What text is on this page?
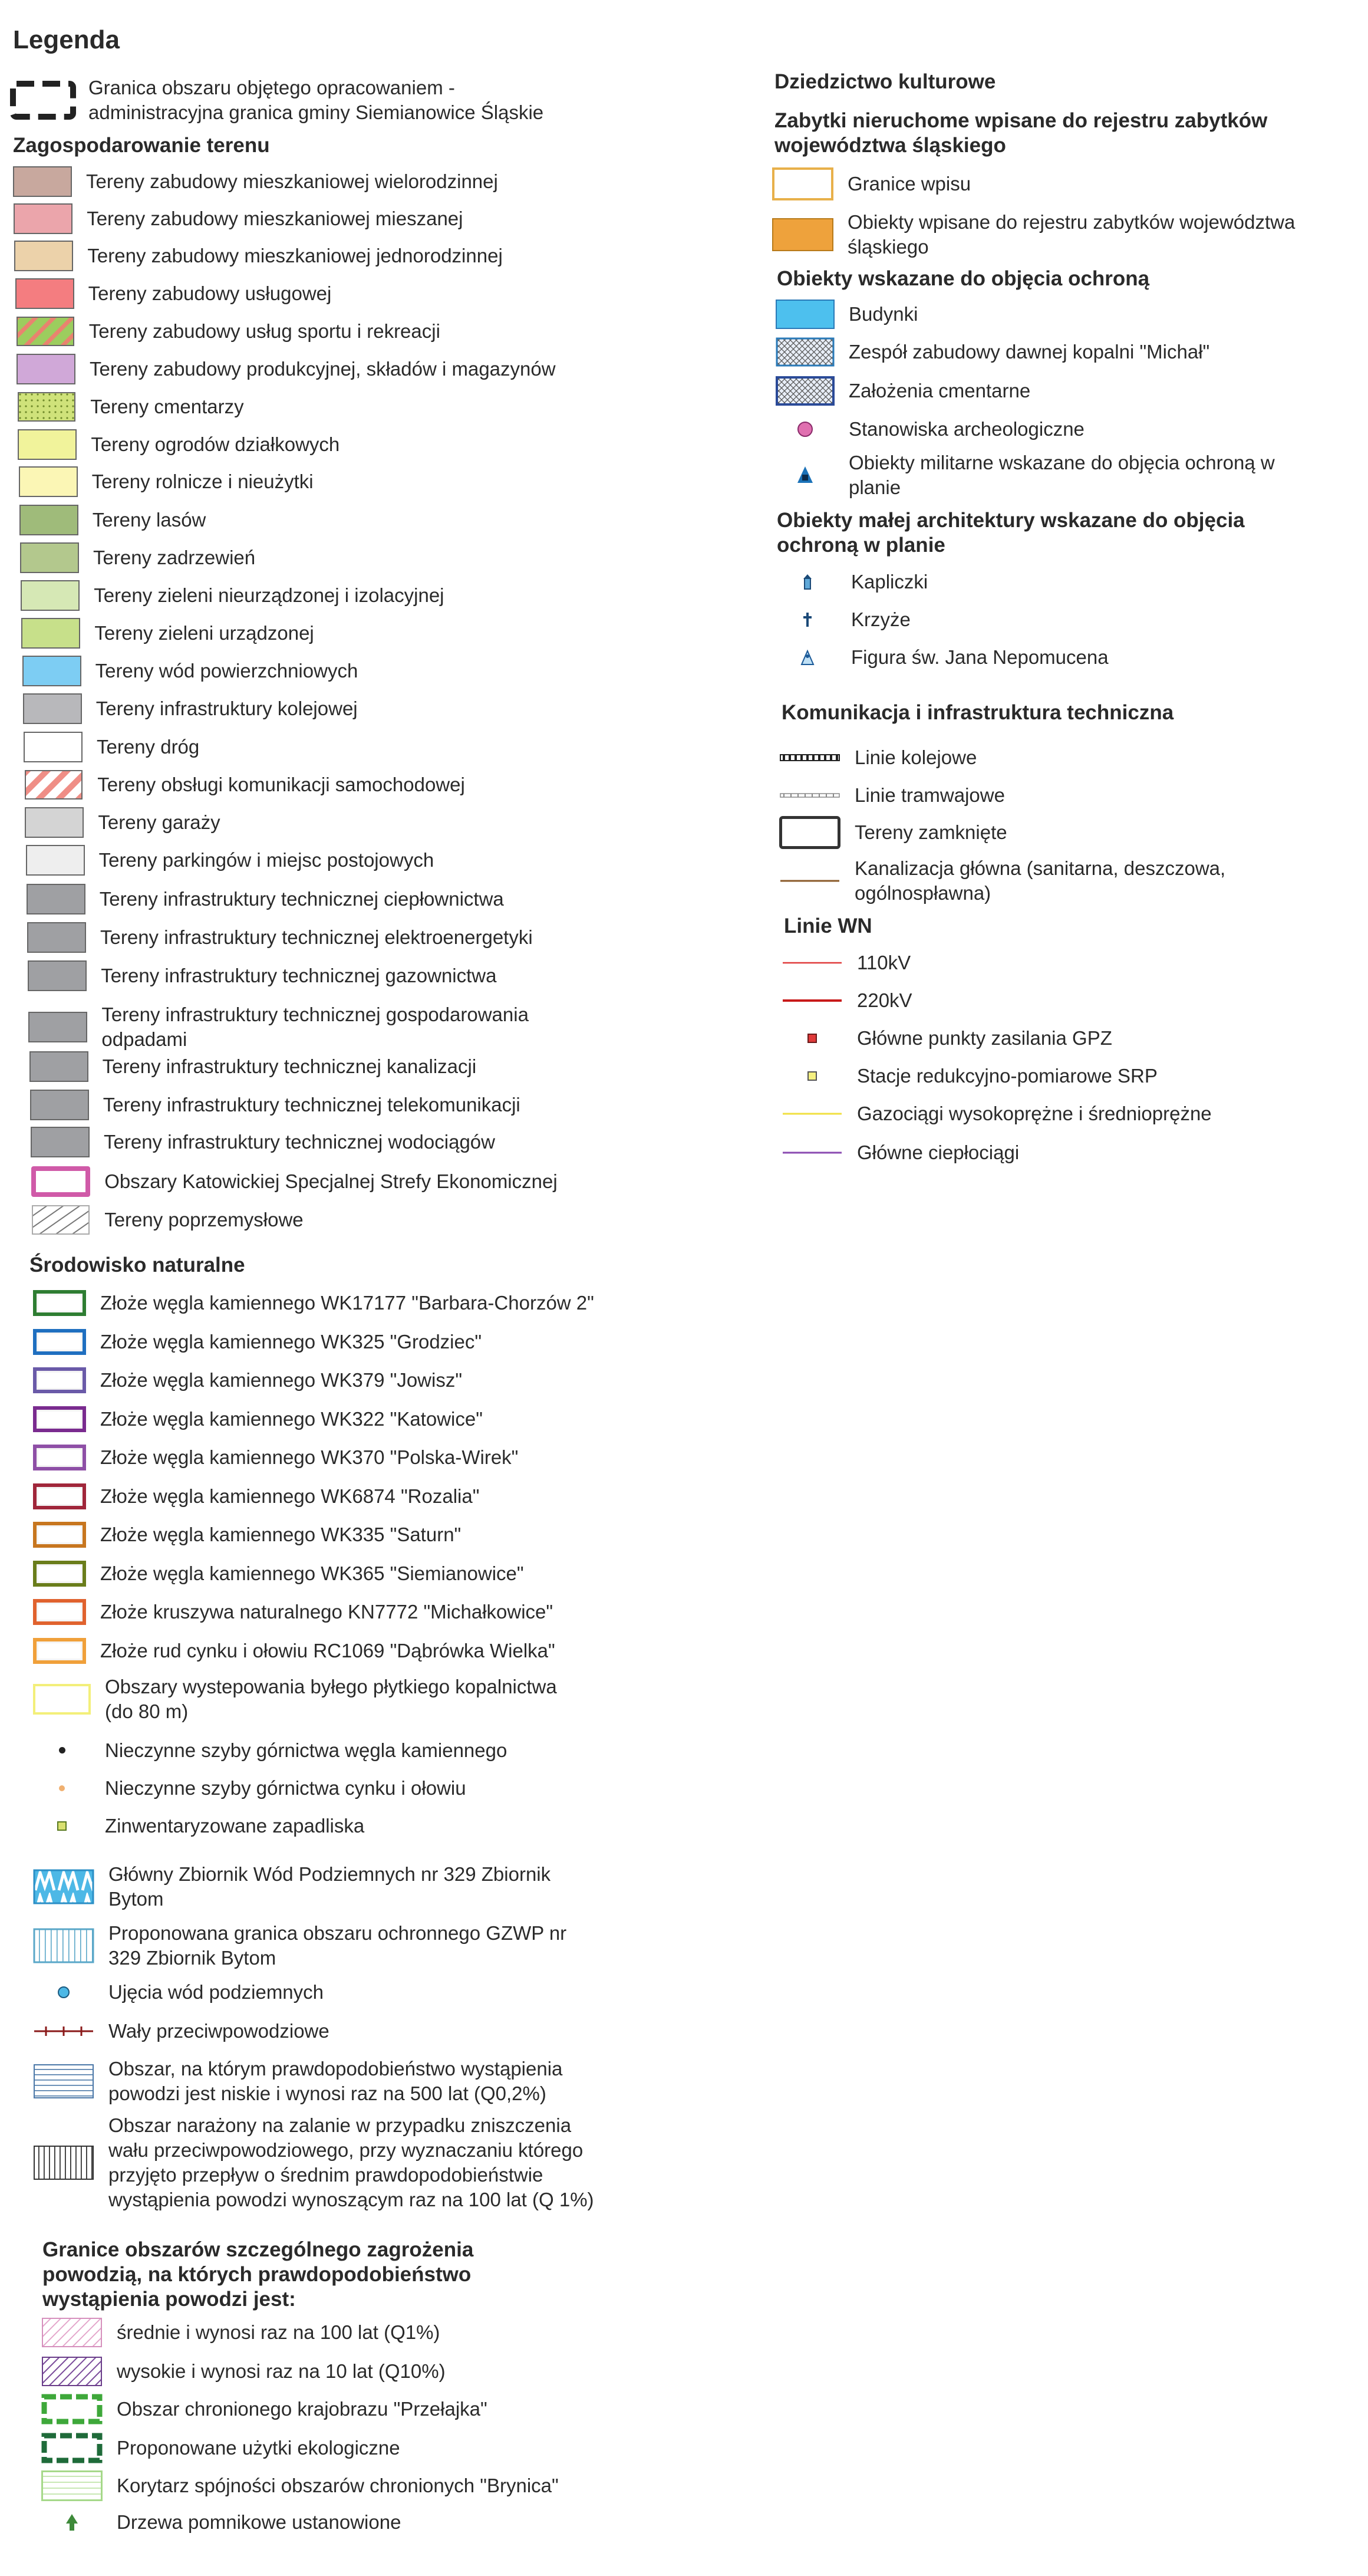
Legenda
Granica obszaru objętego opracowaniem - administracyjna granica gminy Siemianowice Śląskie
Zagospodarowanie terenu
Tereny zabudowy mieszkaniowej wielorodzinnej
Tereny zabudowy mieszkaniowej mieszanej
Tereny zabudowy mieszkaniowej jednorodzinnej
Tereny zabudowy usługowej
Tereny zabudowy usług sportu i rekreacji
Tereny zabudowy produkcyjnej, składów i magazynów
Tereny cmentarzy
Tereny ogrodów działkowych
Tereny rolnicze i nieużytki
Tereny lasów
Tereny zadrzewień
Tereny zieleni nieurządzonej i izolacyjnej
Tereny zieleni urządzonej
Tereny wód powierzchniowych
Tereny infrastruktury kolejowej
Tereny dróg
Tereny obsługi komunikacji samochodowej
Tereny garaży
Tereny parkingów i miejsc postojowych
Tereny infrastruktury technicznej ciepłownictwa
Tereny infrastruktury technicznej elektroenergetyki
Tereny infrastruktury technicznej gazownictwa
Tereny infrastruktury technicznej gospodarowania odpadami
Tereny infrastruktury technicznej kanalizacji
Tereny infrastruktury technicznej telekomunikacji
Tereny infrastruktury technicznej wodociągów
Obszary Katowickiej Specjalnej Strefy Ekonomicznej
Tereny poprzemysłowe
Środowisko naturalne
Złoże węgla kamiennego WK17177 "Barbara-Chorzów 2"
Złoże węgla kamiennego WK325 "Grodziec"
Złoże węgla kamiennego WK379 "Jowisz"
Złoże węgla kamiennego WK322 "Katowice"
Złoże węgla kamiennego WK370 "Polska-Wirek"
Złoże węgla kamiennego WK6874 "Rozalia"
Złoże węgla kamiennego WK335 "Saturn"
Złoże węgla kamiennego WK365 "Siemianowice"
Złoże kruszywa naturalnego KN7772 "Michałkowice"
Złoże rud cynku i ołowiu RC1069 "Dąbrówka Wielka"
Obszary wystepowania byłego płytkiego kopalnictwa (do 80 m)
Nieczynne szyby górnictwa węgla kamiennego
Nieczynne szyby górnictwa cynku i ołowiu
Zinwentaryzowane zapadliska
Główny Zbiornik Wód Podziemnych nr 329 Zbiornik Bytom
Proponowana granica obszaru ochronnego GZWP nr 329 Zbiornik Bytom
Ujęcia wód podziemnych
Wały przeciwpowodziowe
Obszar, na którym prawdopodobieństwo wystąpienia powodzi jest niskie i wynosi raz na 500 lat (Q0,2%)
Obszar narażony na zalanie w przypadku zniszczenia wału przeciwpowodziowego, przy wyznaczaniu którego przyjęto przepływ o średnim prawdopodobieństwie wystąpienia powodzi wynoszącym raz na 100 lat (Q 1%)
Granice obszarów szczególnego zagrożenia powodzią, na których prawdopodobieństwo wystąpienia powodzi jest:
średnie i wynosi raz na 100 lat (Q1%)
wysokie i wynosi raz na 10 lat (Q10%)
Obszar chronionego krajobrazu "Przełajka"
Proponowane użytki ekologiczne
Korytarz spójności obszarów chronionych "Brynica"
Drzewa pomnikowe ustanowione
Dziedzictwo kulturowe
Zabytki nieruchome wpisane do rejestru zabytków województwa śląskiego
Granice wpisu
Obiekty wpisane do rejestru zabytków województwa śląskiego
Obiekty wskazane do objęcia ochroną
Budynki
Zespół zabudowy dawnej kopalni "Michał"
Założenia cmentarne
Stanowiska archeologiczne
Obiekty militarne wskazane do objęcia ochroną w planie
Obiekty małej architektury wskazane do objęcia ochroną w planie
Kapliczki
Krzyże
Figura św. Jana Nepomucena
Komunikacja i infrastruktura techniczna
Linie kolejowe
Linie tramwajowe
Tereny zamknięte
Kanalizacja główna (sanitarna, deszczowa, ogólnospławna)
Linie WN
110kV
220kV
Główne punkty zasilania GPZ
Stacje redukcyjno-pomiarowe SRP
Gazociągi wysokoprężne i średnioprężne
Główne ciepłociągi
